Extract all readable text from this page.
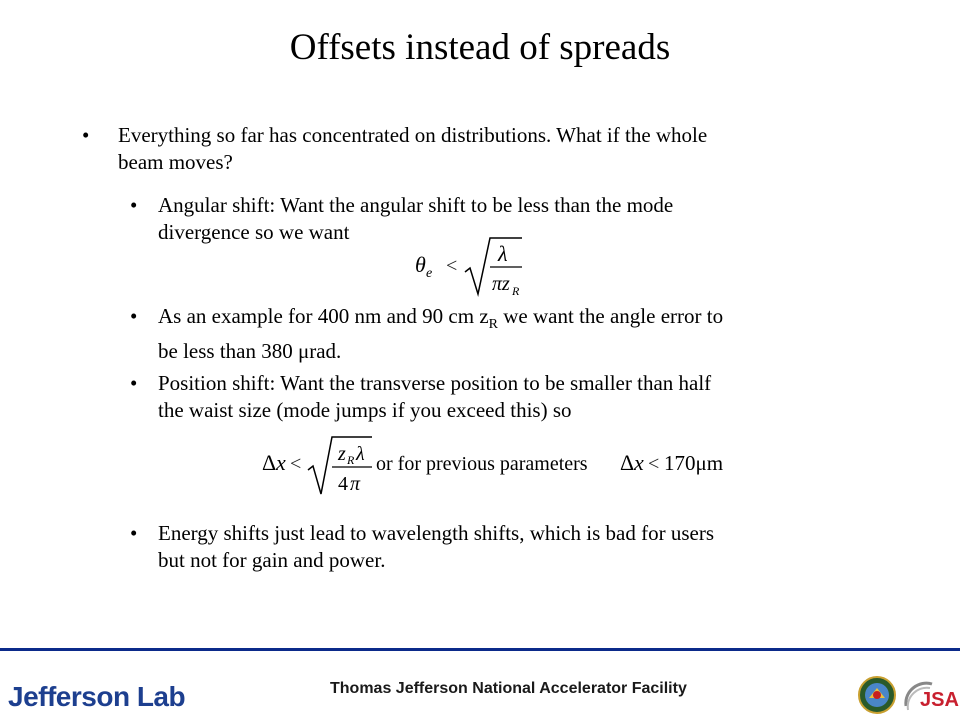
Offsets instead of spreads
• Everything so far has concentrated on distributions. What if the whole
beam moves?
• Angular shift: Want the angular shift to be less than the mode
divergence so we want
θ e < λ
πz R
• As an example for 400 nm and 90 cm $z_R$ we want the angle error to
be less than 380 μrad.
• Position shift: Want the transverse position to be smaller than half
the waist size (mode jumps if you exceed this) so
Δ x < z R λ
4 π
or for previous parameters Δ x < 170μm
• Energy shifts just lead to wavelength shifts, which is bad for users
but not for gain and power.
Jefferson Lab	Thomas Jefferson National Accelerator Facility
JSA
